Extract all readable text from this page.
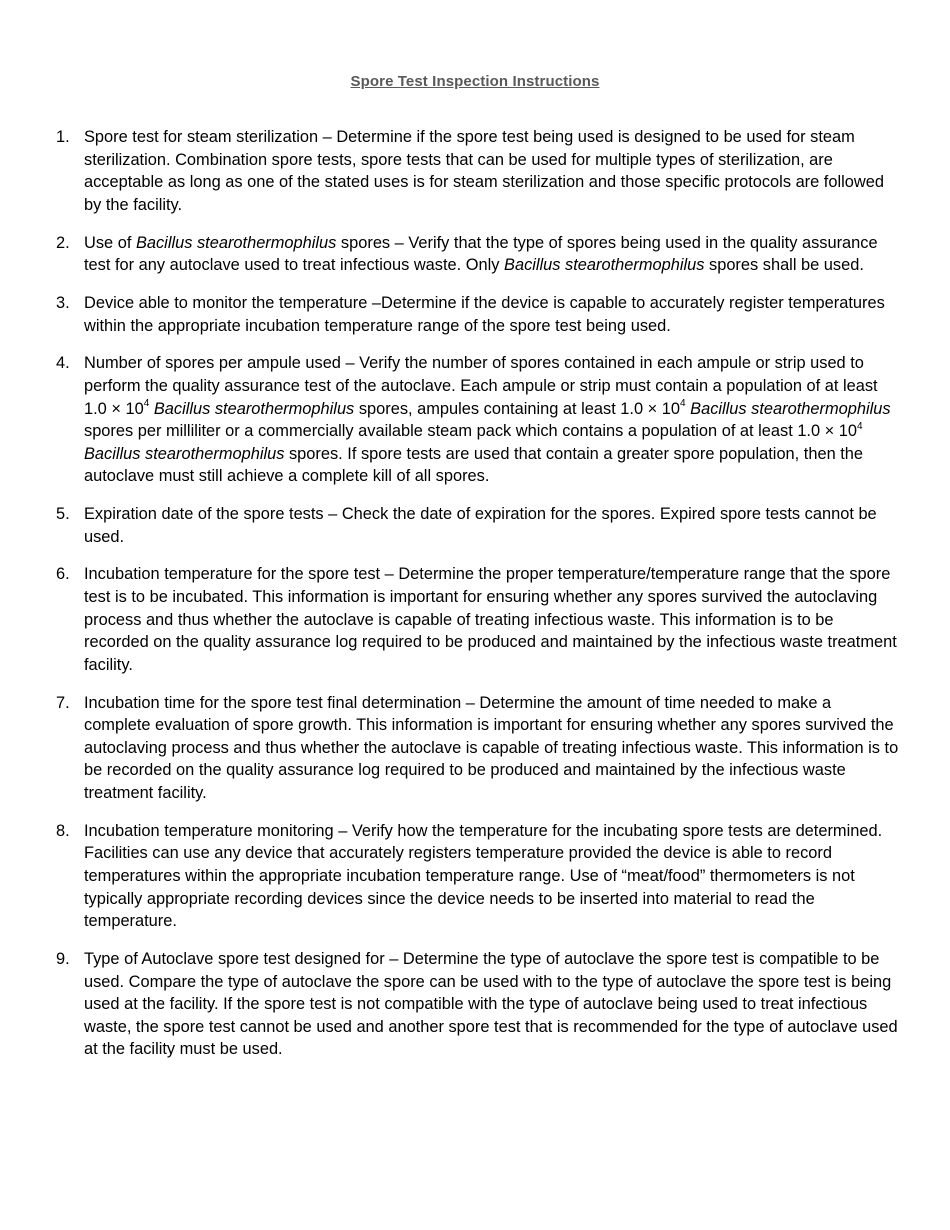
Spore Test Inspection Instructions
1. Spore test for steam sterilization – Determine if the spore test being used is designed to be used for steam sterilization. Combination spore tests, spore tests that can be used for multiple types of sterilization, are acceptable as long as one of the stated uses is for steam sterilization and those specific protocols are followed by the facility.
2. Use of Bacillus stearothermophilus spores – Verify that the type of spores being used in the quality assurance test for any autoclave used to treat infectious waste. Only Bacillus stearothermophilus spores shall be used.
3. Device able to monitor the temperature –Determine if the device is capable to accurately register temperatures within the appropriate incubation temperature range of the spore test being used.
4. Number of spores per ampule used – Verify the number of spores contained in each ampule or strip used to perform the quality assurance test of the autoclave. Each ampule or strip must contain a population of at least $1.0 \times 10^4$ Bacillus stearothermophilus spores, ampules containing at least $1.0 \times 10^4$ Bacillus stearothermophilus spores per milliliter or a commercially available steam pack which contains a population of at least $1.0 \times 10^4$ Bacillus stearothermophilus spores. If spore tests are used that contain a greater spore population, then the autoclave must still achieve a complete kill of all spores.
5. Expiration date of the spore tests – Check the date of expiration for the spores. Expired spore tests cannot be used.
6. Incubation temperature for the spore test – Determine the proper temperature/temperature range that the spore test is to be incubated. This information is important for ensuring whether any spores survived the autoclaving process and thus whether the autoclave is capable of treating infectious waste. This information is to be recorded on the quality assurance log required to be produced and maintained by the infectious waste treatment facility.
7. Incubation time for the spore test final determination – Determine the amount of time needed to make a complete evaluation of spore growth. This information is important for ensuring whether any spores survived the autoclaving process and thus whether the autoclave is capable of treating infectious waste. This information is to be recorded on the quality assurance log required to be produced and maintained by the infectious waste treatment facility.
8. Incubation temperature monitoring – Verify how the temperature for the incubating spore tests are determined. Facilities can use any device that accurately registers temperature provided the device is able to record temperatures within the appropriate incubation temperature range. Use of “meat/food” thermometers is not typically appropriate recording devices since the device needs to be inserted into material to read the temperature.
9. Type of Autoclave spore test designed for – Determine the type of autoclave the spore test is compatible to be used. Compare the type of autoclave the spore can be used with to the type of autoclave the spore test is being used at the facility. If the spore test is not compatible with the type of autoclave being used to treat infectious waste, the spore test cannot be used and another spore test that is recommended for the type of autoclave used at the facility must be used.
